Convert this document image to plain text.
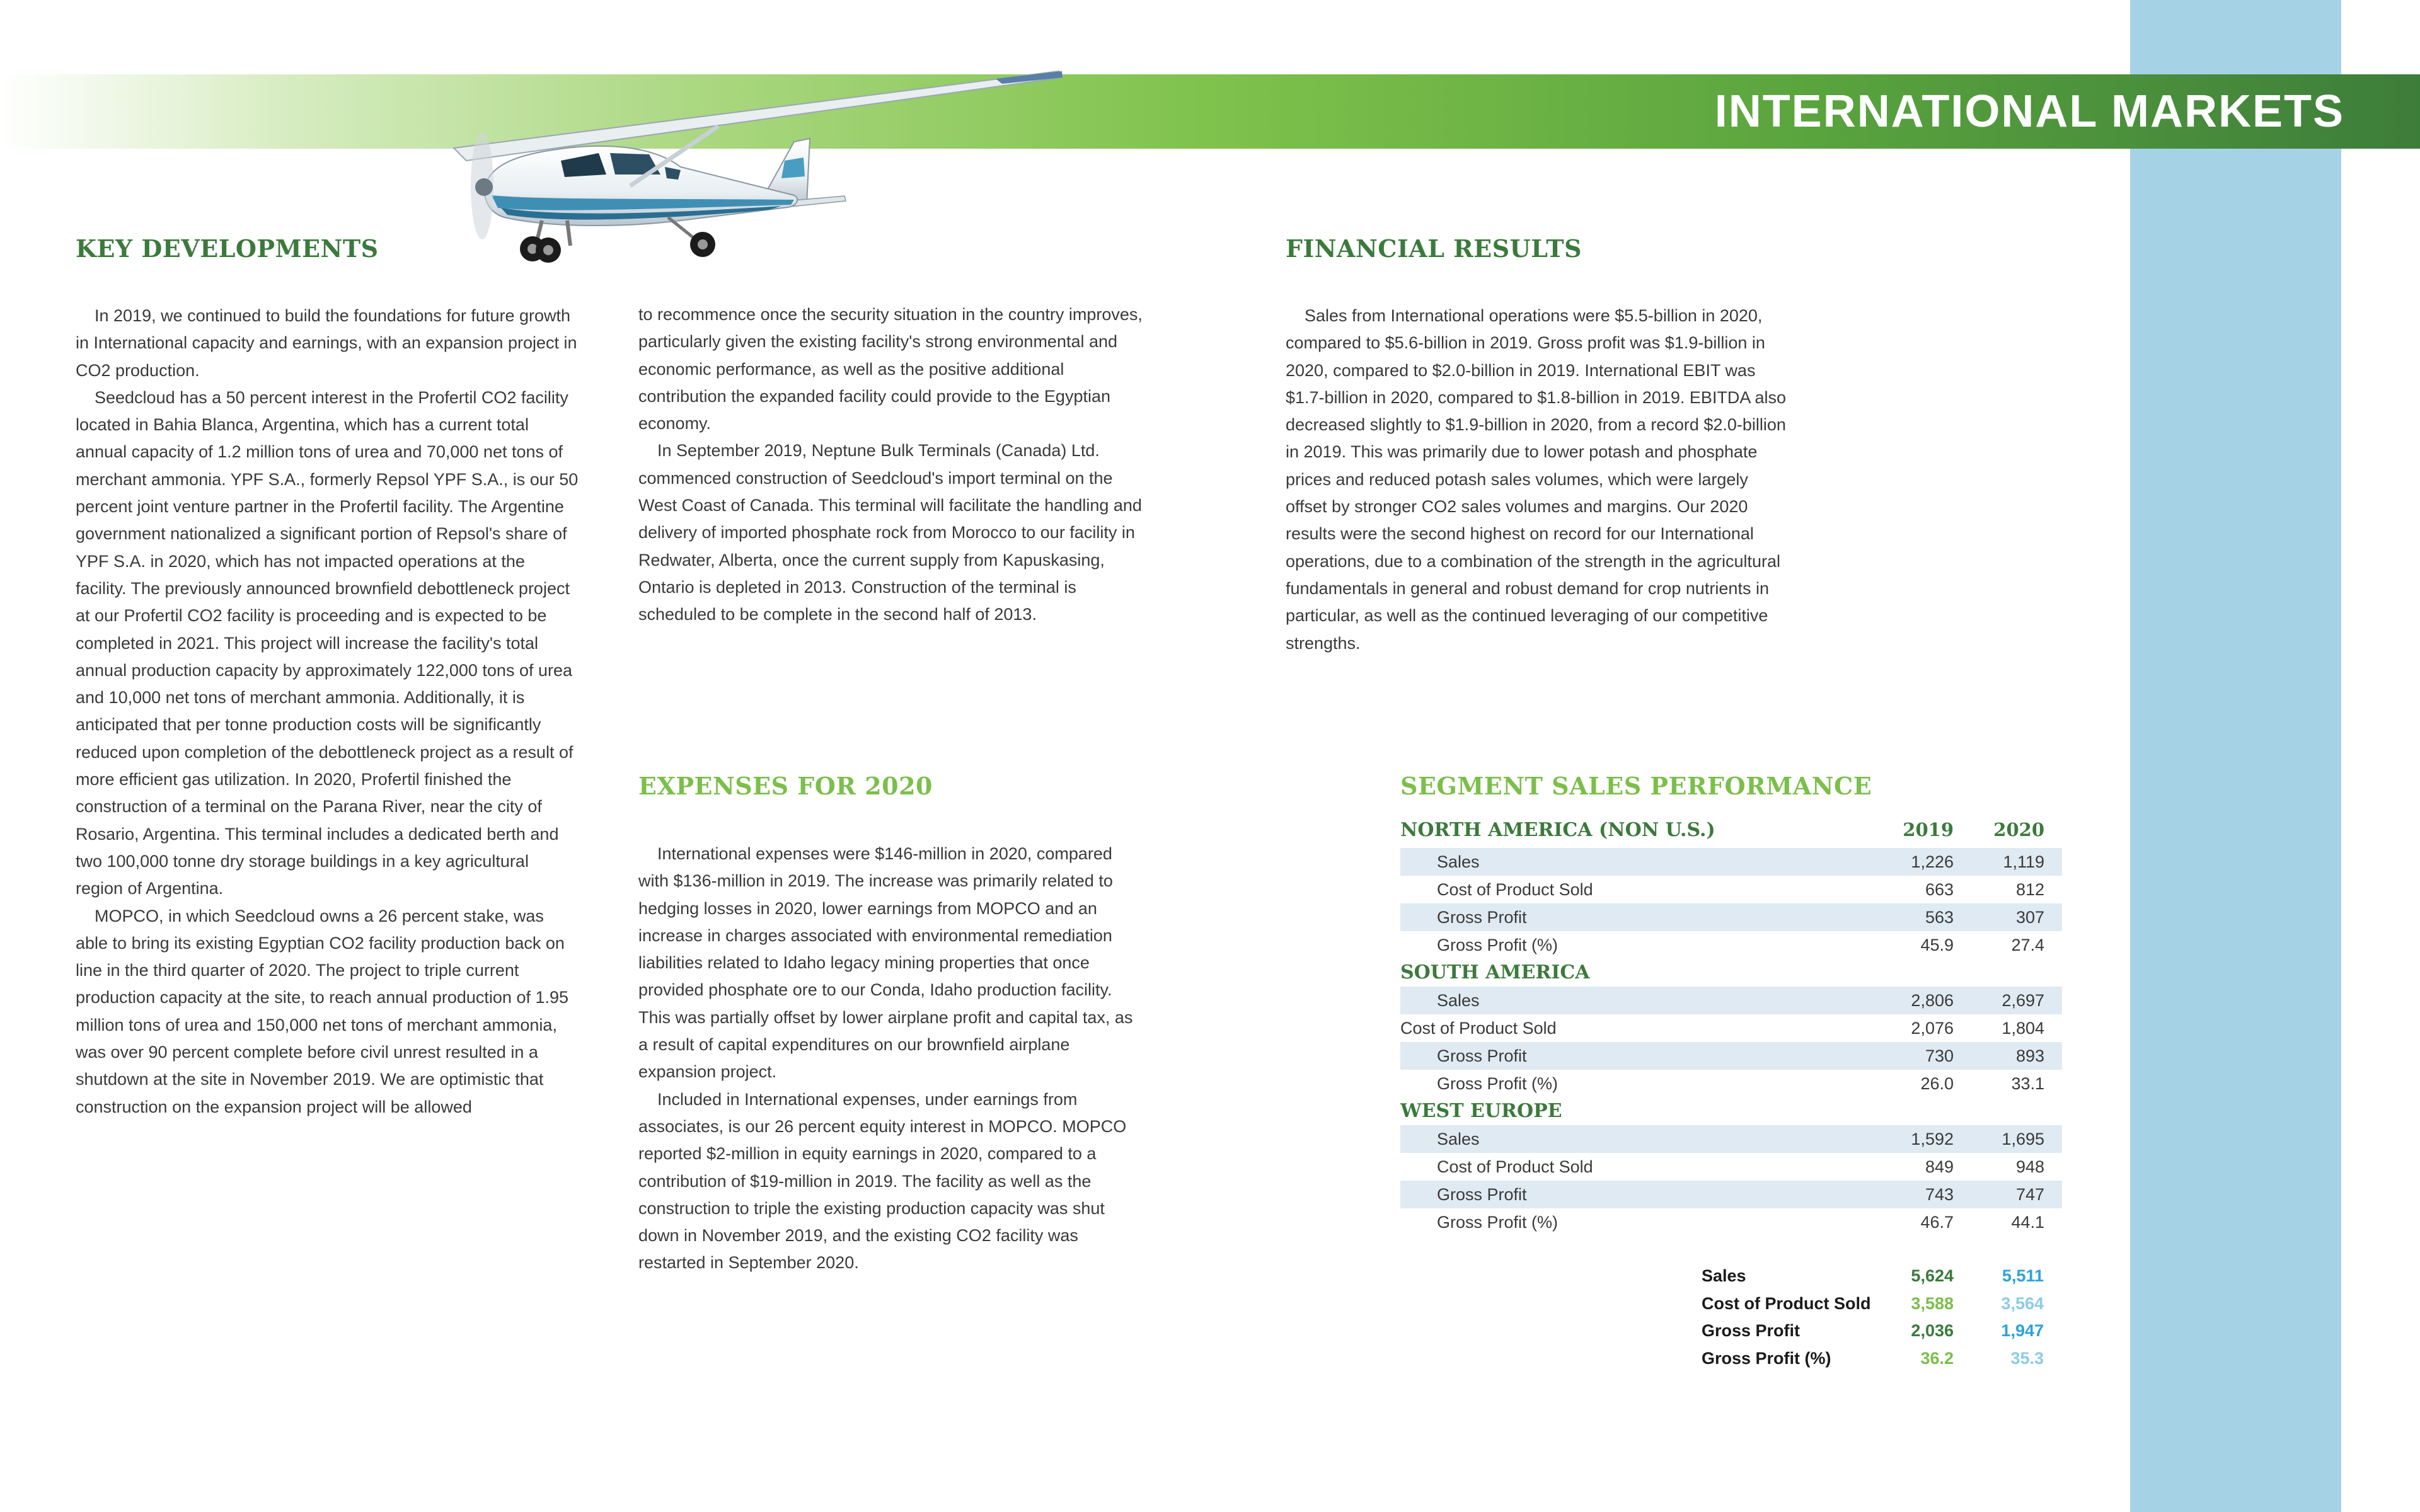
INTERNATIONAL MARKETS
KEY DEVELOPMENTS

In 2019, we continued to build the foundations for future growth in International capacity and earnings, with an expansion project in CO2 production.

Seedcloud has a 50 percent interest in the Profertil CO2 facility located in Bahia Blanca, Argentina, which has a current total annual capacity of 1.2 million tons of urea and 70,000 net tons of merchant ammonia. YPF S.A., formerly Repsol YPF S.A., is our 50 percent joint venture partner in the Profertil facility. The Argentine government nationalized a significant portion of Repsol's share of YPF S.A. in 2020, which has not impacted operations at the facility. The previously announced brownfield debottleneck project at our Profertil CO2 facility is proceeding and is expected to be completed in 2021. This project will increase the facility's total annual production capacity by approximately 122,000 tons of urea and 10,000 net tons of merchant ammonia. Additionally, it is anticipated that per tonne production costs will be significantly reduced upon completion of the debottleneck project as a result of more efficient gas utilization. In 2020, Profertil finished the construction of a terminal on the Parana River, near the city of Rosario, Argentina. This terminal includes a dedicated berth and two 100,000 tonne dry storage buildings in a key agricultural region of Argentina.

MOPCO, in which Seedcloud owns a 26 percent stake, was able to bring its existing Egyptian CO2 facility production back on line in the third quarter of 2020. The project to triple current production capacity at the site, to reach annual production of 1.95 million tons of urea and 150,000 net tons of merchant ammonia, was over 90 percent complete before civil unrest resulted in a shutdown at the site in November 2019. We are optimistic that construction on the expansion project will be allowed

to recommence once the security situation in the country improves, particularly given the existing facility's strong environmental and economic performance, as well as the positive additional contribution the expanded facility could provide to the Egyptian economy.

In September 2019, Neptune Bulk Terminals (Canada) Ltd. commenced construction of Seedcloud's import terminal on the West Coast of Canada. This terminal will facilitate the handling and delivery of imported phosphate rock from Morocco to our facility in Redwater, Alberta, once the current supply from Kapuskasing, Ontario is depleted in 2013. Construction of the terminal is scheduled to be complete in the second half of 2013.

EXPENSES FOR 2020

International expenses were $146-million in 2020, compared with $136-million in 2019. The increase was primarily related to hedging losses in 2020, lower earnings from MOPCO and an increase in charges associated with environmental remediation liabilities related to Idaho legacy mining properties that once provided phosphate ore to our Conda, Idaho production facility. This was partially offset by lower airplane profit and capital tax, as a result of capital expenditures on our brownfield airplane expansion project.

Included in International expenses, under earnings from associates, is our 26 percent equity interest in MOPCO. MOPCO reported $2-million in equity earnings in 2020, compared to a contribution of $19-million in 2019. The facility as well as the construction to triple the existing production capacity was shut down in November 2019, and the existing CO2 facility was restarted in September 2020.

FINANCIAL RESULTS

Sales from International operations were $5.5-billion in 2020, compared to $5.6-billion in 2019. Gross profit was $1.9-billion in 2020, compared to $2.0-billion in 2019. International EBIT was $1.7-billion in 2020, compared to $1.8-billion in 2019. EBITDA also decreased slightly to $1.9-billion in 2020, from a record $2.0-billion in 2019. This was primarily due to lower potash and phosphate prices and reduced potash sales volumes, which were largely offset by stronger CO2 sales volumes and margins. Our 2020 results were the second highest on record for our International operations, due to a combination of the strength in the agricultural fundamentals in general and robust demand for crop nutrients in particular, as well as the continued leveraging of our competitive strengths.

SEGMENT SALES PERFORMANCE
NORTH AMERICA (NON U.S.)	2019	2020
Sales	1,226	1,119
Cost of Product Sold	663	812
Gross Profit	563	307
Gross Profit (%)	45.9	27.4
SOUTH AMERICA
Sales	2,806	2,697
Cost of Product Sold	2,076	1,804
Gross Profit	730	893
Gross Profit (%)	26.0	33.1
WEST EUROPE
Sales	1,592	1,695
Cost of Product Sold	849	948
Gross Profit	743	747
Gross Profit (%)	46.7	44.1
Sales	5,624	5,511
Cost of Product Sold	3,588	3,564
Gross Profit	2,036	1,947
Gross Profit (%)	36.2	35.3
